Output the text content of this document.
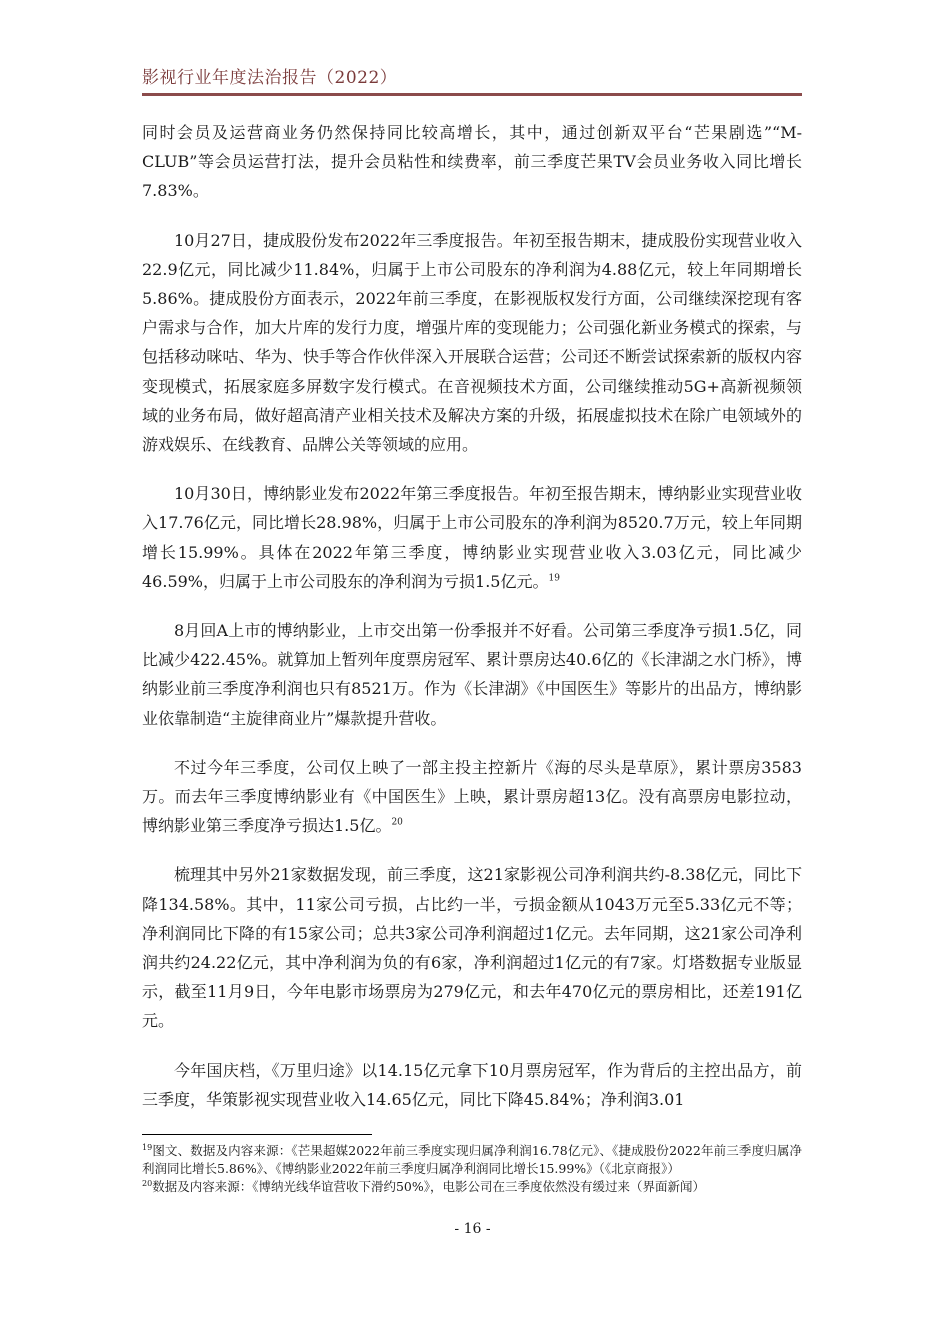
影视行业年度法治报告（2022）

同时会员及运营商业务仍然保持同比较高增长，其中，通过创新双平台“芒果剧选”“M-CLUB”等会员运营打法，提升会员粘性和续费率，前三季度芒果TV会员业务收入同比增长7.83%。

10月27日，捷成股份发布2022年三季度报告。年初至报告期末，捷成股份实现营业收入22.9亿元，同比减少11.84%，归属于上市公司股东的净利润为4.88亿元，较上年同期增长5.86%。捷成股份方面表示，2022年前三季度，在影视版权发行方面，公司继续深挖现有客户需求与合作，加大片库的发行力度，增强片库的变现能力；公司强化新业务模式的探索，与包括移动咪咕、华为、快手等合作伙伴深入开展联合运营；公司还不断尝试探索新的版权内容变现模式，拓展家庭多屏数字发行模式。在音视频技术方面，公司继续推动5G+高新视频领域的业务布局，做好超高清产业相关技术及解决方案的升级，拓展虚拟技术在除广电领域外的游戏娱乐、在线教育、品牌公关等领域的应用。

10月30日，博纳影业发布2022年第三季度报告。年初至报告期末，博纳影业实现营业收入17.76亿元，同比增长28.98%，归属于上市公司股东的净利润为8520.7万元，较上年同期增长15.99%。具体在2022年第三季度，博纳影业实现营业收入3.03亿元，同比减少46.59%，归属于上市公司股东的净利润为亏损1.5亿元。$^{19}$

8月回A上市的博纳影业，上市交出第一份季报并不好看。公司第三季度净亏损1.5亿，同比减少422.45%。就算加上暂列年度票房冠军、累计票房达40.6亿的《长津湖之水门桥》，博纳影业前三季度净利润也只有8521万。作为《长津湖》《中国医生》等影片的出品方，博纳影业依靠制造“主旋律商业片”爆款提升营收。

不过今年三季度，公司仅上映了一部主投主控新片《海的尽头是草原》，累计票房3583万。而去年三季度博纳影业有《中国医生》上映，累计票房超13亿。没有高票房电影拉动，博纳影业第三季度净亏损达1.5亿。$^{20}$

梳理其中另外21家数据发现，前三季度，这21家影视公司净利润共约-8.38亿元，同比下降134.58%。其中，11家公司亏损，占比约一半，亏损金额从1043万元至5.33亿元不等；净利润同比下降的有15家公司；总共3家公司净利润超过1亿元。去年同期，这21家公司净利润共约24.22亿元，其中净利润为负的有6家，净利润超过1亿元的有7家。灯塔数据专业版显示，截至11月9日，今年电影市场票房为279亿元，和去年470亿元的票房相比，还差191亿元。

今年国庆档，《万里归途》以14.15亿元拿下10月票房冠军，作为背后的主控出品方，前三季度，华策影视实现营业收入14.65亿元，同比下降45.84%；净利润3.01

$^{19}$图文、数据及内容来源：《芒果超媒2022年前三季度实现归属净利润16.78亿元》、《捷成股份2022年前三季度归属净利润同比增长5.86%》、《博纳影业2022年前三季度归属净利润同比增长15.99%》（《北京商报》）

$^{20}$数据及内容来源：《博纳光线华谊营收下滑约50%》，电影公司在三季度依然没有缓过来（界面新闻）

- 16 -
